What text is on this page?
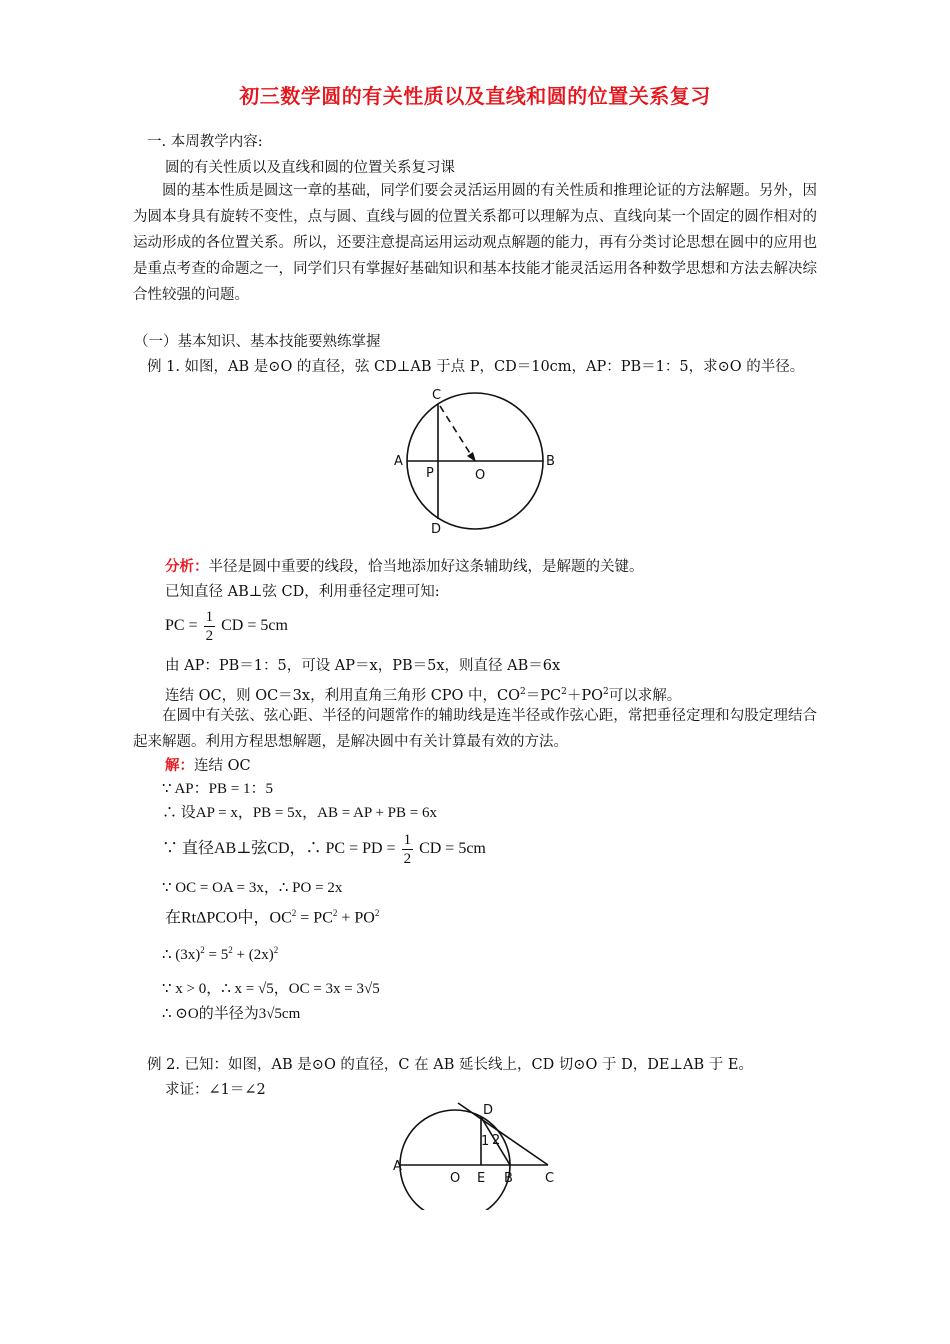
初三数学圆的有关性质以及直线和圆的位置关系复习
一. 本周教学内容:
圆的有关性质以及直线和圆的位置关系复习课
圆的基本性质是圆这一章的基础，同学们要会灵活运用圆的有关性质和推理论证的方法解题。另外，因为圆本身具有旋转不变性，点与圆、直线与圆的位置关系都可以理解为点、直线向某一个固定的圆作相对的运动形成的各位置关系。所以，还要注意提高运用运动观点解题的能力，再有分类讨论思想在圆中的应用也是重点考查的命题之一，同学们只有掌握好基础知识和基本技能才能灵活运用各种数学思想和方法去解决综合性较强的问题。
（一）基本知识、基本技能要熟练掌握
例 1. 如图，AB 是⊙O 的直径，弦 CD⊥AB 于点 P，CD＝10cm，AP：PB＝1：5，求⊙O 的半径。
C
A
P	O
B
D
分析：半径是圆中重要的线段，恰当地添加好这条辅助线，是解题的关键。
已知直径 AB⊥弦 CD，利用垂径定理可知:
PC = $\frac{1}{2}$ CD = 5cm
由 AP：PB＝1：5，可设 AP＝x，PB＝5x，则直径 AB＝6x
连结 OC，则 OC＝3x，利用直角三角形 CPO 中，$CO^2=PC^2+PO^2$可以求解。
在圆中有关弦、弦心距、半径的问题常作的辅助线是连半径或作弦心距，常把垂径定理和勾股定理结合起来解题。利用方程思想解题，是解决圆中有关计算最有效的方法。
解：连结 OC
∵ AP：PB = 1：5
∴ 设AP = x，PB = 5x，AB = AP + PB = 6x
∵ 直径AB⊥弦CD，∴ PC = PD = $\frac{1}{2}$ CD = 5cm
∵ OC = OA = 3x，∴ PO = 2x
在RtΔPCO中，$OC^2 = PC^2 + PO^2$
∴ $(3x)^2 = 5^2 + (2x)^2$
∵ x > 0，∴ x = √5，OC = 3x = 3√5
∴ ⊙O的半径为3√5cm
例 2. 已知：如图，AB 是⊙O 的直径，C 在 AB 延长线上，CD 切⊙O 于 D，DE⊥AB 于 E。
求证：∠1＝∠2
D
1 2
A
O E B C
